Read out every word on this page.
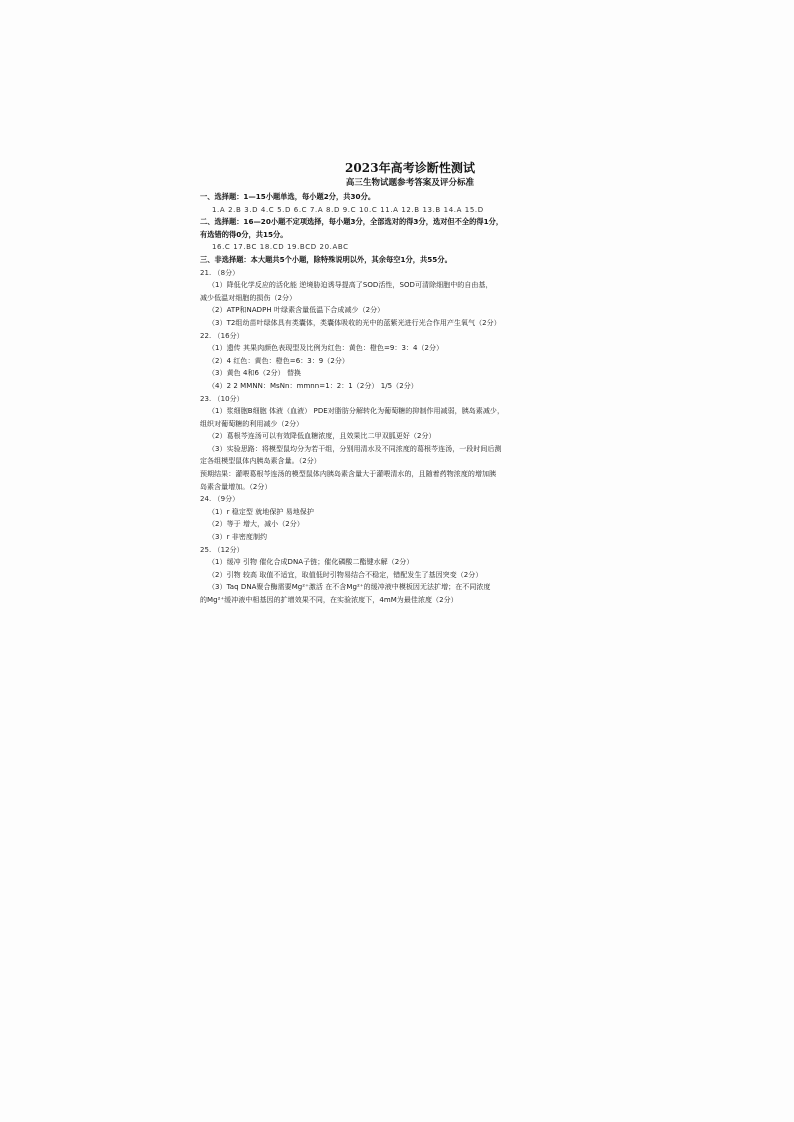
2023年高考诊断性测试
高三生物试题参考答案及评分标准
一、选择题：1—15小题单选，每小题2分，共30分。
1.A 2.B 3.D 4.C 5.D 6.C 7.A 8.D 9.C 10.C 11.A 12.B 13.B 14.A 15.D
二、选择题：16—20小题不定项选择，每小题3分，全部选对的得3分，选对但不全的得1分，
有选错的得0分，共15分。
16.C 17.BC 18.CD 19.BCD 20.ABC
三、非选择题：本大题共5个小题，除特殊说明以外，其余每空1分，共55分。
21. （8分）
（1）降低化学反应的活化能 逆境胁迫诱导提高了SOD活性，SOD可清除细胞中的自由基，
减少低温对细胞的损伤（2分）
（2）ATP和NADPH 叶绿素含量低温下合成减少（2分）
（3）T2组幼苗叶绿体具有类囊体，类囊体吸收的光中的蓝紫光进行光合作用产生氧气（2分）
22. （16分）
（1）遗传 其果肉颜色表现型及比例为红色：黄色：橙色=9：3：4（2分）
（2）4 红色：黄色：橙色=6：3：9（2分）
（3）黄色 4和6（2分） 替换
（4）2 2 MMNN：MsNn：mmnn=1：2：1（2分） 1/5（2分）
23. （10分）
（1）浆细胞B细胞 体液（血液） PDE对脂肪分解转化为葡萄糖的抑制作用减弱，胰岛素减少，
组织对葡萄糖的利用减少（2分）
（2）葛根芩连汤可以有效降低血糖浓度，且效果比二甲双胍更好（2分）
（3）实验思路：将模型鼠均分为若干组，分别用清水及不同浓度的葛根芩连汤，一段时间后测
定各组模型鼠体内胰岛素含量。（2分）
预期结果：灌喂葛根芩连汤的模型鼠体内胰岛素含量大于灌喂清水的，且随着药物浓度的增加胰
岛素含量增加。（2分）
24. （9分）
（1）r 稳定型 就地保护 易地保护
（2）等于 增大，减小（2分）
（3）r 非密度制约
25. （12分）
（1）缓冲 引物 催化合成DNA子链；催化磷酸二酯键水解（2分）
（2）引物 较高 取值不适宜，取值低时引物易结合不稳定，错配发生了基因突变（2分）
（3）Taq DNA聚合酶需要Mg²⁺激活 在不含Mg²⁺的缓冲液中模板因无法扩增；在不同浓度
的Mg²⁺缓冲液中相基因的扩增效果不同，在实验浓度下，4mM为最佳浓度（2分）
